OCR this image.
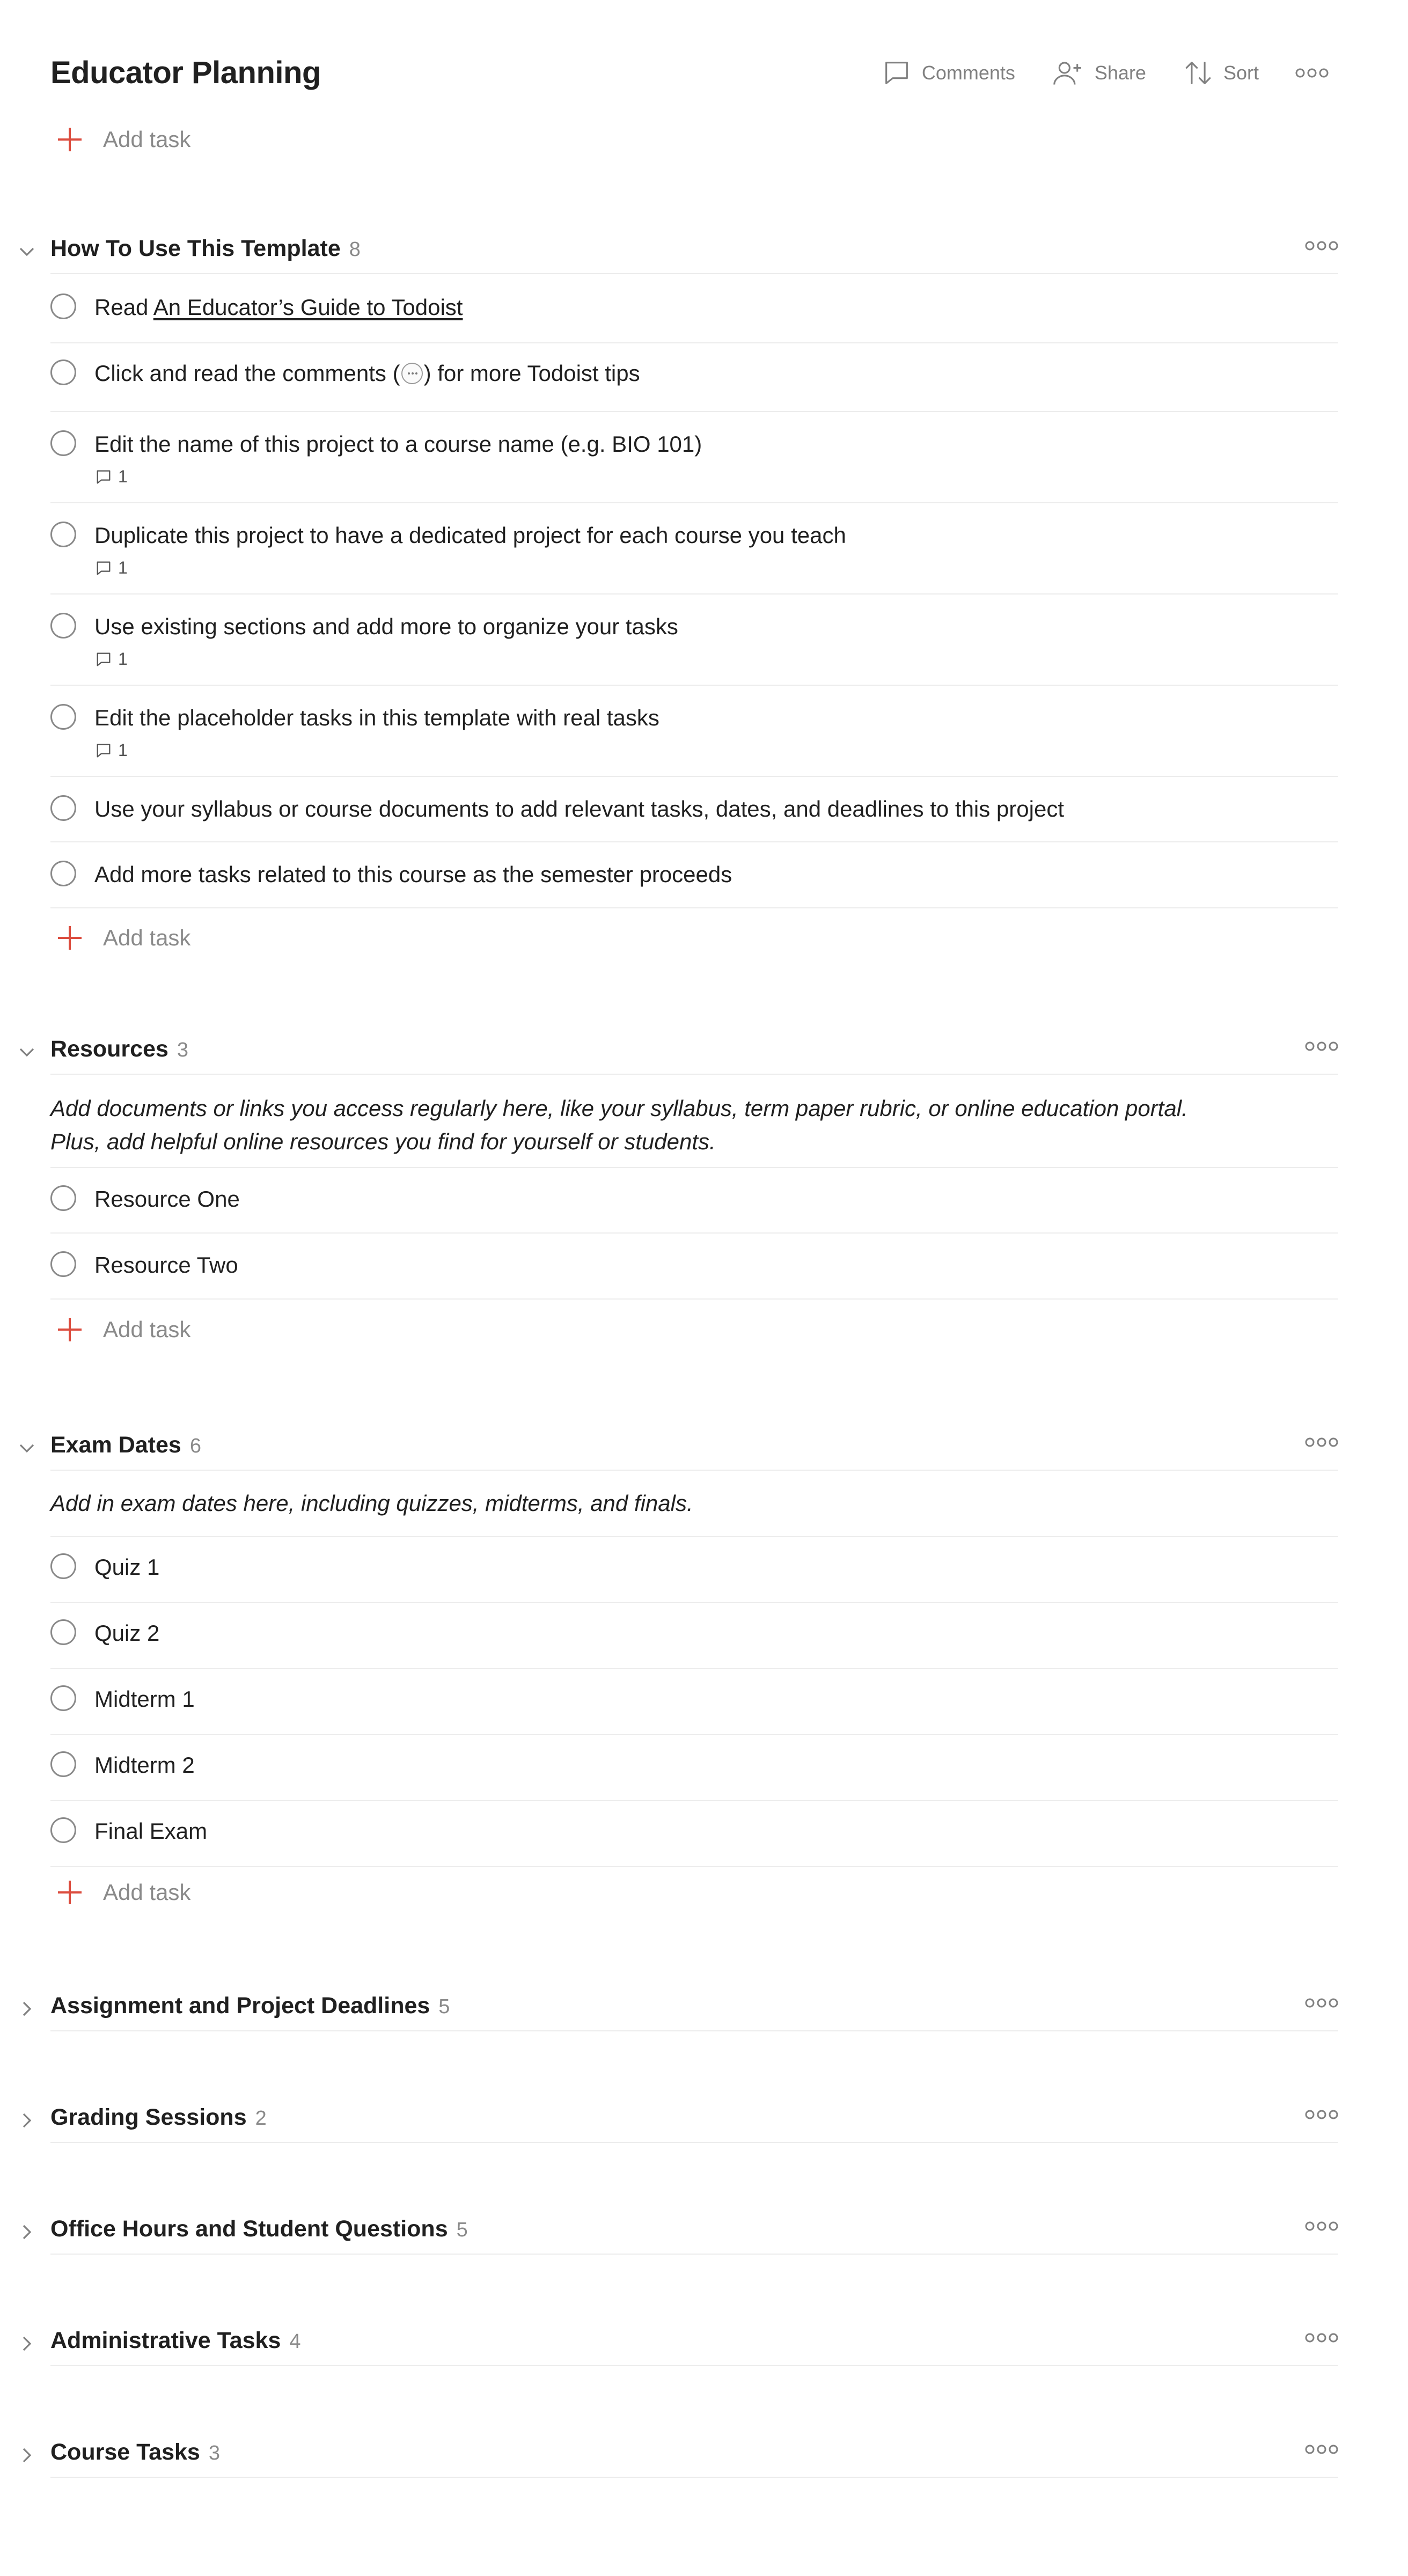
Educator Planning	Comments	Share	Sort
Add task
How To Use This Template 8
Read An Educator’s Guide to Todoist
Click and read the comments ( ) for more Todoist tips
Edit the name of this project to a course name (e.g. BIO 101)
1
Duplicate this project to have a dedicated project for each course you teach
1
Use existing sections and add more to organize your tasks
1
Edit the placeholder tasks in this template with real tasks
1
Use your syllabus or course documents to add relevant tasks, dates, and deadlines to this project
Add more tasks related to this course as the semester proceeds
Add task
Resources 3
Add documents or links you access regularly here, like your syllabus, term paper rubric, or online education portal.
Plus, add helpful online resources you find for yourself or students.
Resource One
Resource Two
Add task
Exam Dates 6
Add in exam dates here, including quizzes, midterms, and finals.
Quiz 1
Quiz 2
Midterm 1
Midterm 2
Final Exam
Add task
Assignment and Project Deadlines 5
Grading Sessions 2
Office Hours and Student Questions 5
Administrative Tasks 4
Course Tasks 3
